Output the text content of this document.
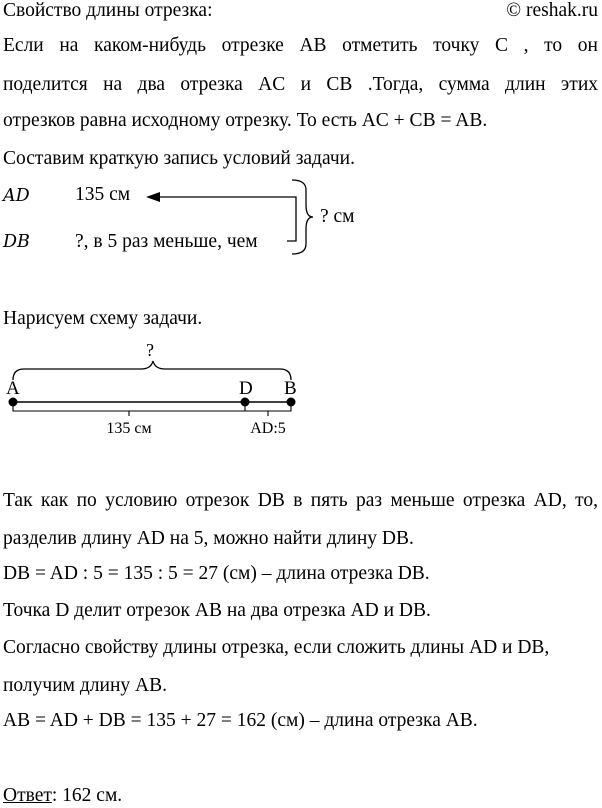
Свойство длины отрезка:	© reshak.ru
Если на каком-нибудь отрезке AB отметить точку C , то он
поделится на два отрезка AC и CB .Тогда, сумма длин этих
отрезков равна исходному отрезку. То есть AC + CB = AB.
Составим краткую запись условий задачи.
AD 135 см
DB ?, в 5 раз меньше, чем
? см
Нарисуем схему задачи.
?
A	D B
135 см	AD:5
Так как по условию отрезок DB в пять раз меньше отрезка AD, то,
разделив длину AD на 5, можно найти длину DB.
DB = AD : 5 = 135 : 5 = 27 (см) – длина отрезка DB.
Точка D делит отрезок AB на два отрезка AD и DB.
Согласно свойству длины отрезка, если сложить длины AD и DB,
получим длину AB.
AB = AD + DB = 135 + 27 = 162 (см) – длина отрезка AB.
Ответ: 162 см.
